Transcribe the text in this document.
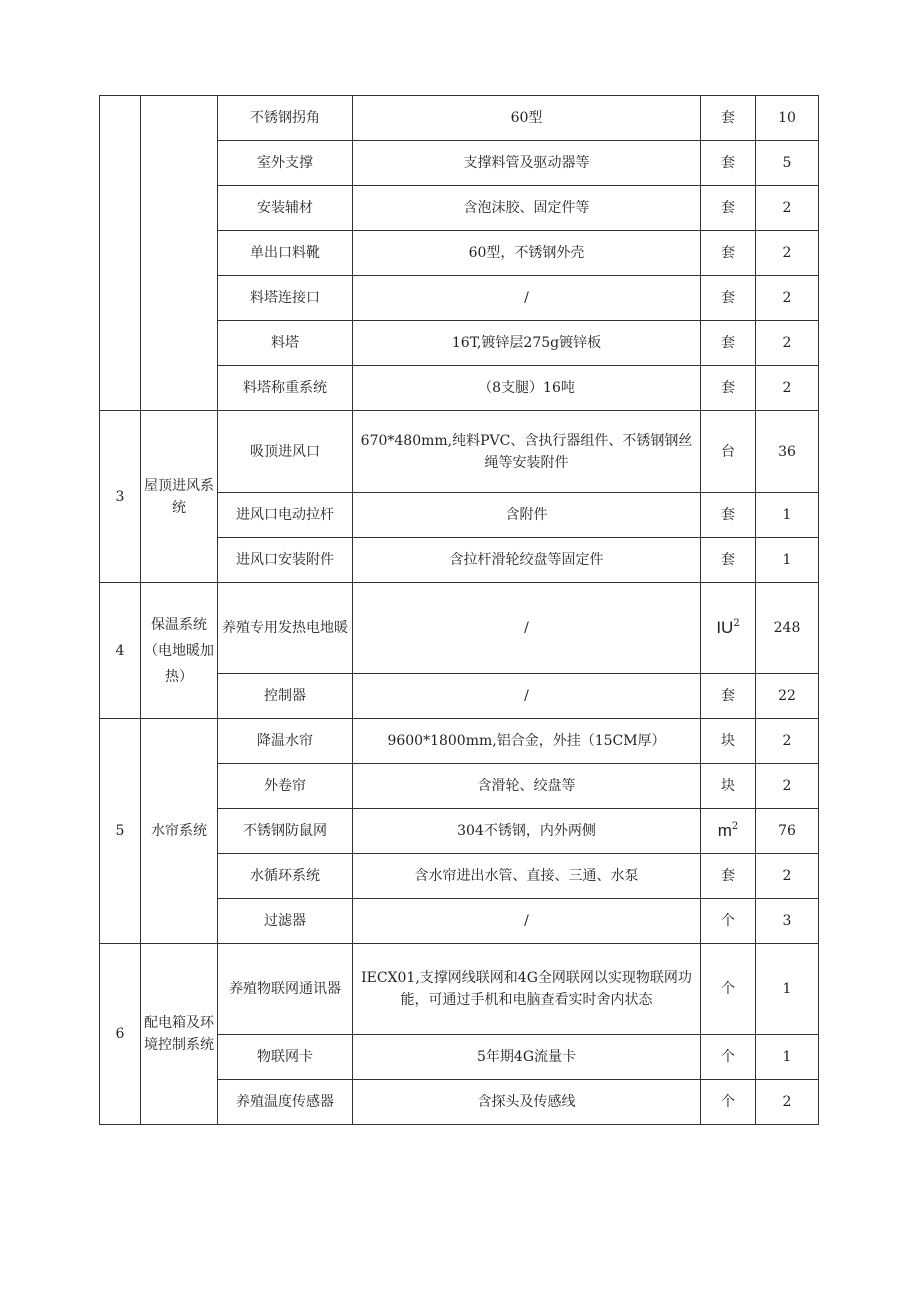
		不锈钢拐角	60型	套	10
		室外支撑	支撑料管及驱动器等	套	5
		安装辅材	含泡沫胶、固定件等	套	2
		单出口料靴	60型，不锈钢外壳	套	2
		料塔连接口	/	套	2
		料塔	16T,镀锌层275g镀锌板	套	2
		料塔称重系统	（8支腿）16吨	套	2
3	屋顶进风系统	吸顶进风口	670*480mm,纯料PVC、含执行器组件、不锈钢钢丝绳等安装附件	台	36
		进风口电动拉杆	含附件	套	1
		进风口安装附件	含拉杆滑轮绞盘等固定件	套	1
4	保温系统（电地暖加热）	养殖专用发热电地暖	/	$IU^2$	248
		控制器	/	套	22
5	水帘系统	降温水帘	9600*1800mm,铝合金，外挂（15CM厚）	块	2
		外卷帘	含滑轮、绞盘等	块	2
		不锈钢防鼠网	304不锈钢，内外两侧	$m^2$	76
		水循环系统	含水帘进出水管、直接、三通、水泵	套	2
		过滤器	/	个	3
6	配电箱及环境控制系统	养殖物联网通讯器	IECX01,支撑网线联网和4G全网联网以实现物联网功能，可通过手机和电脑查看实时舍内状态	个	1
		物联网卡	5年期4G流量卡	个	1
		养殖温度传感器	含探头及传感线	个	2
